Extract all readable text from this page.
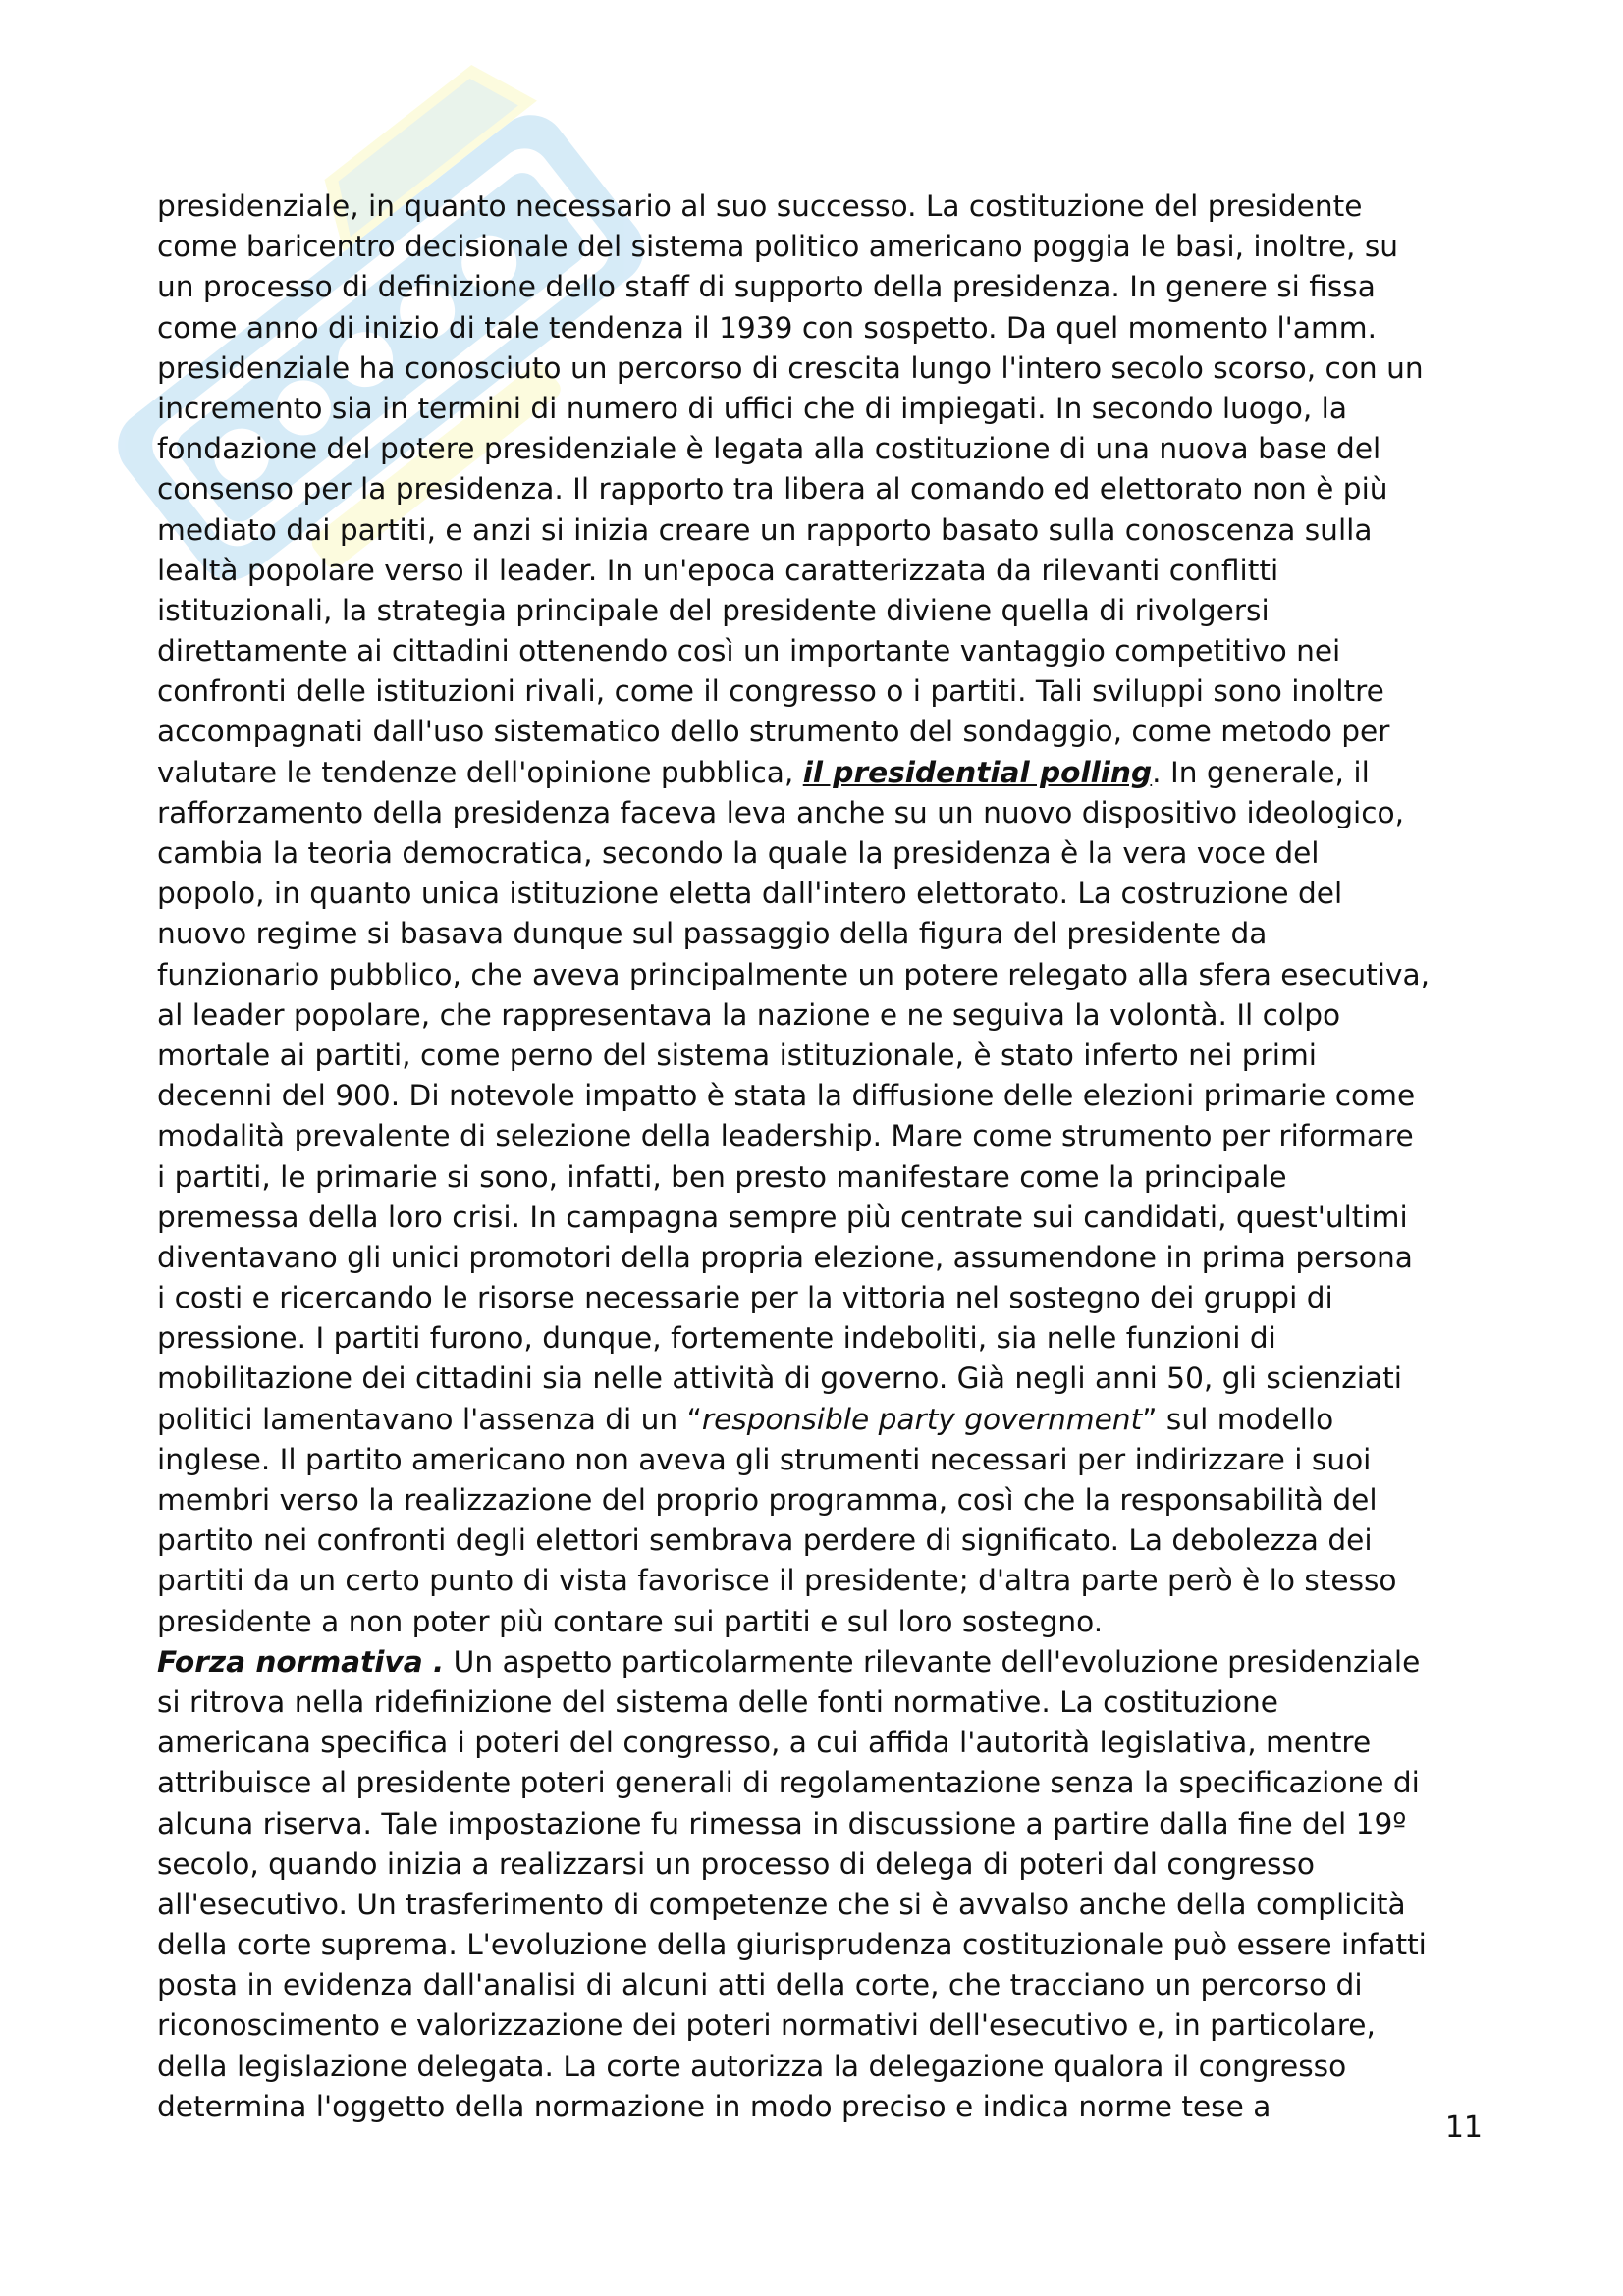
presidenziale, in quanto necessario al suo successo. La costituzione del presidente
come baricentro decisionale del sistema politico americano poggia le basi, inoltre, su
un processo di definizione dello staff di supporto della presidenza. In genere si fissa
come anno di inizio di tale tendenza il 1939 con sospetto. Da quel momento l'amm.
presidenziale ha conosciuto un percorso di crescita lungo l'intero secolo scorso, con un
incremento sia in termini di numero di uffici che di impiegati. In secondo luogo, la
fondazione del potere presidenziale è legata alla costituzione di una nuova base del
consenso per la presidenza. Il rapporto tra libera al comando ed elettorato non è più
mediato dai partiti, e anzi si inizia creare un rapporto basato sulla conoscenza sulla
lealtà popolare verso il leader. In un'epoca caratterizzata da rilevanti conflitti
istituzionali, la strategia principale del presidente diviene quella di rivolgersi
direttamente ai cittadini ottenendo così un importante vantaggio competitivo nei
confronti delle istituzioni rivali, come il congresso o i partiti. Tali sviluppi sono inoltre
accompagnati dall'uso sistematico dello strumento del sondaggio, come metodo per
valutare le tendenze dell'opinione pubblica, il presidential polling. In generale, il
rafforzamento della presidenza faceva leva anche su un nuovo dispositivo ideologico,
cambia la teoria democratica, secondo la quale la presidenza è la vera voce del
popolo, in quanto unica istituzione eletta dall'intero elettorato. La costruzione del
nuovo regime si basava dunque sul passaggio della figura del presidente da
funzionario pubblico, che aveva principalmente un potere relegato alla sfera esecutiva,
al leader popolare, che rappresentava la nazione e ne seguiva la volontà. Il colpo
mortale ai partiti, come perno del sistema istituzionale, è stato inferto nei primi
decenni del 900. Di notevole impatto è stata la diffusione delle elezioni primarie come
modalità prevalente di selezione della leadership. Mare come strumento per riformare
i partiti, le primarie si sono, infatti, ben presto manifestare come la principale
premessa della loro crisi. In campagna sempre più centrate sui candidati, quest'ultimi
diventavano gli unici promotori della propria elezione, assumendone in prima persona
i costi e ricercando le risorse necessarie per la vittoria nel sostegno dei gruppi di
pressione. I partiti furono, dunque, fortemente indeboliti, sia nelle funzioni di
mobilitazione dei cittadini sia nelle attività di governo. Già negli anni 50, gli scienziati
politici lamentavano l'assenza di un “responsible party government” sul modello
inglese. Il partito americano non aveva gli strumenti necessari per indirizzare i suoi
membri verso la realizzazione del proprio programma, così che la responsabilità del
partito nei confronti degli elettori sembrava perdere di significato. La debolezza dei
partiti da un certo punto di vista favorisce il presidente; d'altra parte però è lo stesso
presidente a non poter più contare sui partiti e sul loro sostegno.
Forza normativa . Un aspetto particolarmente rilevante dell'evoluzione presidenziale
si ritrova nella ridefinizione del sistema delle fonti normative. La costituzione
americana specifica i poteri del congresso, a cui affida l'autorità legislativa, mentre
attribuisce al presidente poteri generali di regolamentazione senza la specificazione di
alcuna riserva. Tale impostazione fu rimessa in discussione a partire dalla fine del 19º
secolo, quando inizia a realizzarsi un processo di delega di poteri dal congresso
all'esecutivo. Un trasferimento di competenze che si è avvalso anche della complicità
della corte suprema. L'evoluzione della giurisprudenza costituzionale può essere infatti
posta in evidenza dall'analisi di alcuni atti della corte, che tracciano un percorso di
riconoscimento e valorizzazione dei poteri normativi dell'esecutivo e, in particolare,
della legislazione delegata. La corte autorizza la delegazione qualora il congresso
determina l'oggetto della normazione in modo preciso e indica norme tese a
11
